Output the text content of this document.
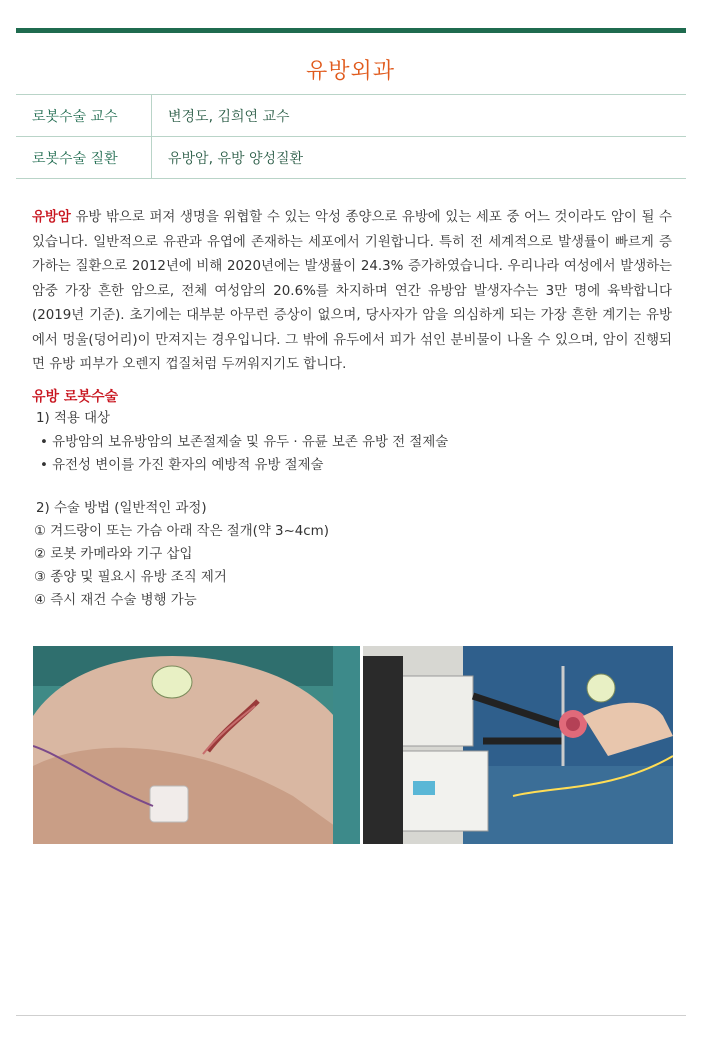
유방외과
로봇수술 교수	변경도, 김희연 교수
로봇수술 질환	유방암, 유방 양성질환
유방암 유방 밖으로 퍼져 생명을 위협할 수 있는 악성 종양으로 유방에 있는 세포 중 어느 것이라도 암이 될 수 있습니다. 일반적으로 유관과 유엽에 존재하는 세포에서 기원합니다. 특히 전 세계적으로 발생률이 빠르게 증가하는 질환으로 2012년에 비해 2020년에는 발생률이 24.3% 증가하였습니다. 우리나라 여성에서 발생하는 암중 가장 흔한 암으로, 전체 여성암의 20.6%를 차지하며 연간 유방암 발생자수는 3만 명에 육박합니다(2019년 기준). 초기에는 대부분 아무런 증상이 없으며, 당사자가 암을 의심하게 되는 가장 흔한 계기는 유방에서 멍울(덩어리)이 만져지는 경우입니다. 그 밖에 유두에서 피가 섞인 분비물이 나올 수 있으며, 암이 진행되면 유방 피부가 오렌지 껍질처럼 두꺼워지기도 합니다.
유방 로봇수술
1) 적용 대상
• 유방암의 보유방암의 보존절제술 및 유두 · 유륜 보존 유방 전 절제술
• 유전성 변이를 가진 환자의 예방적 유방 절제술
2) 수술 방법 (일반적인 과정)
① 겨드랑이 또는 가슴 아래 작은 절개(약 3~4cm)
② 로봇 카메라와 기구 삽입
③ 종양 및 필요시 유방 조직 제거
④ 즉시 재건 수술 병행 가능
